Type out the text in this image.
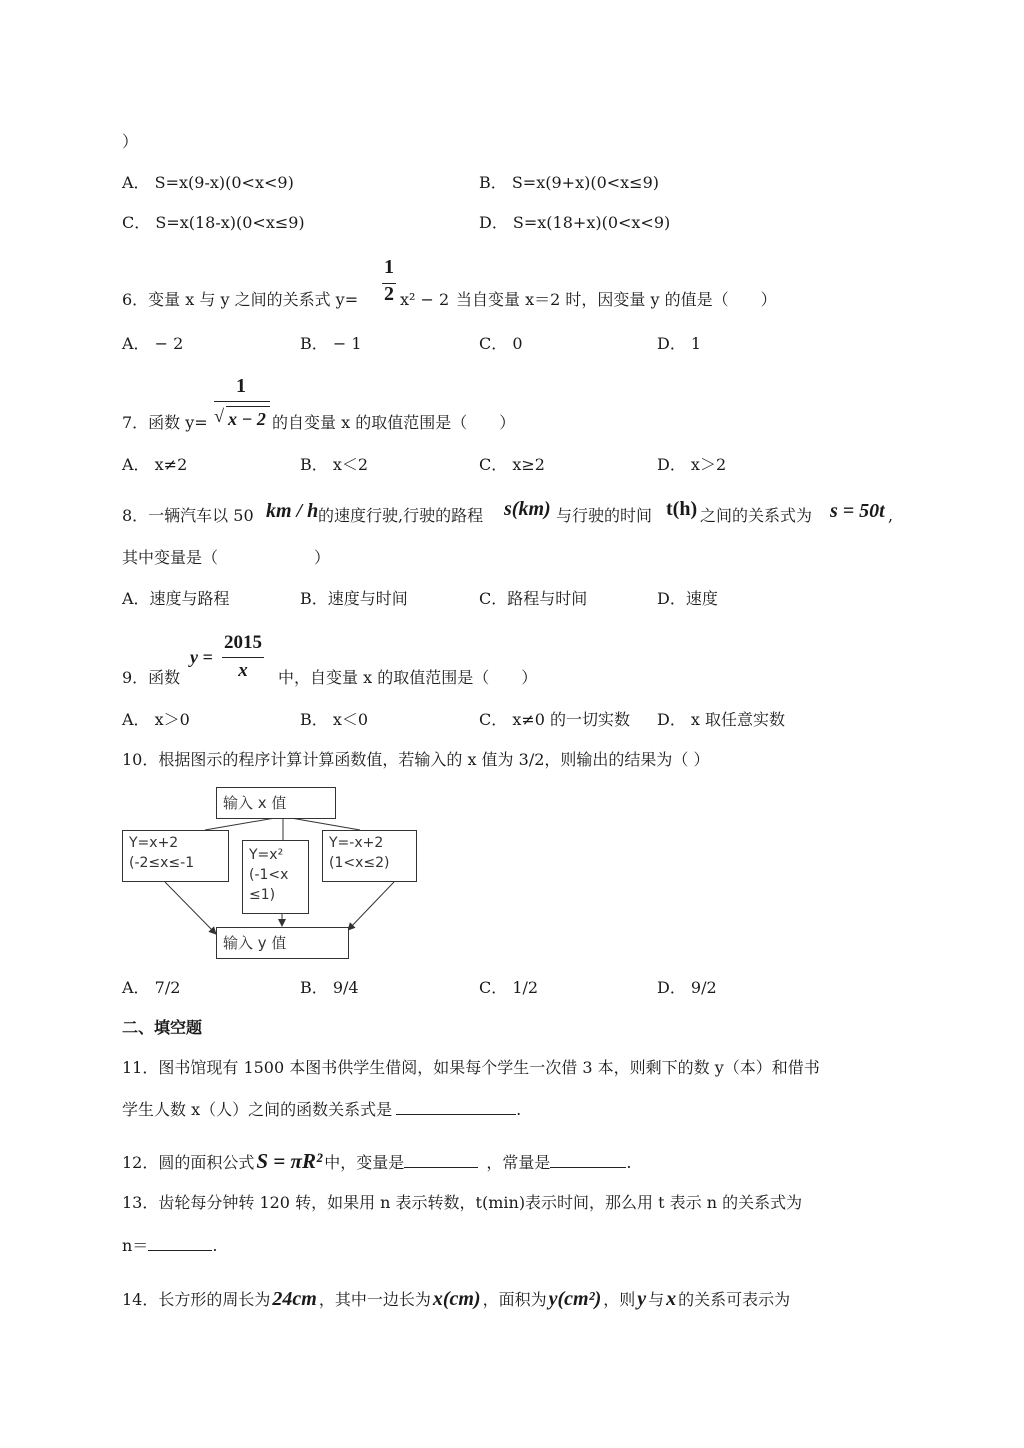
）
A． S=x(9-x)(0<x<9)	B． S=x(9+x)(0<x≤9)
C． S=x(18-x)(0<x≤9)	D． S=x(18+x)(0<x<9)
6．变量 x 与 y 之间的关系式 y=
1
2 x² − 2 当自变量 x＝2 时，因变量 y 的值是（　　）
A． − 2	B． − 1	C． 0	D． 1
7．函数 y=
1
√ x − 2 的自变量 x 的取值范围是（　　）
A． x≠2	B． x＜2	C． x≥2	D． x＞2
8．一辆汽车以 50 km / h 的速度行驶,行驶的路程 s(km) 与行驶的时间 t(h) 之间的关系式为 s = 50t ,
其中变量是（　　　　　　）
A．速度与路程	B．速度与时间	C．路程与时间	D．速度
9．函数
y =
2015
x	中，自变量 x 的取值范围是（　　）
A． x＞0	B． x＜0	C． x≠0 的一切实数 D． x 取任意实数
10．根据图示的程序计算计算函数值，若输入的 x 值为 3/2，则输出的结果为（ ）
输入 x 值
Y=x+2
(-2≤x≤-1	Y=x²
(-1<x
≤1)
Y=-x+2
(1<x≤2)
输入 y 值
A． 7/2	B． 9/4	C． 1/2	D． 9/2
二、填空题
11．图书馆现有 1500 本图书供学生借阅，如果每个学生一次借 3 本，则剩下的数 y（本）和借书
学生人数 x（人）之间的函数关系式是	.
12．圆的面积公式S = πR² 中，变量是	，常量是	.
13．齿轮每分钟转 120 转，如果用 n 表示转数，t(min)表示时间，那么用 t 表示 n 的关系式为
n＝	.
14．长方形的周长为 24cm ，其中一边长为 x(cm) ，面积为 y(cm²) ，则 y 与 x 的关系可表示为
